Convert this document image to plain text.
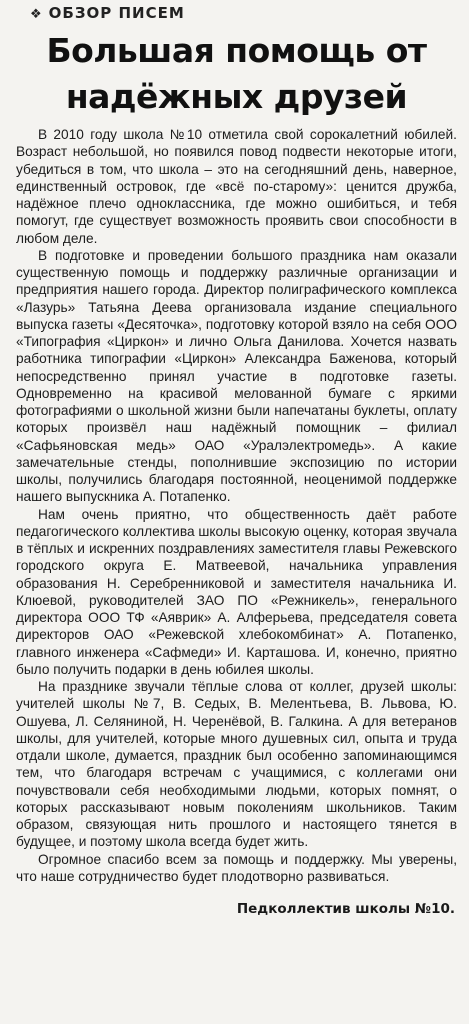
❖ ОБЗОР ПИСЕМ
Большая помощь от
надёжных друзей

В 2010 году школа №10 отметила свой сорокалетний юбилей. Возраст небольшой, но появился повод подвести некоторые итоги, убедиться в том, что школа – это на сегодняшний день, наверное, единственный островок, где «всё по-старому»: ценится дружба, надёжное плечо одноклассника, где можно ошибиться, и тебя помогут, где существует возможность проявить свои способности в любом деле.

В подготовке и проведении большого праздника нам оказали существенную помощь и поддержку различные организации и предприятия нашего города. Директор полиграфического комплекса «Лазурь» Татьяна Деева организовала издание специального выпуска газеты «Десяточка», подготовку которой взяло на себя ООО «Типография «Циркон» и лично Ольга Данилова. Хочется назвать работника типографии «Циркон» Александра Баженова, который непосредственно принял участие в подготовке газеты. Одновременно на красивой мелованной бумаге с яркими фотографиями о школьной жизни были напечатаны буклеты, оплату которых произвёл наш надёжный помощник – филиал «Сафьяновская медь» ОАО «Уралэлектромедь». А какие замечательные стенды, пополнившие экспозицию по истории школы, получились благодаря постоянной, неоценимой поддержке нашего выпускника А. Потапенко.

Нам очень приятно, что общественность даёт работе педагогического коллектива школы высокую оценку, которая звучала в тёплых и искренних поздравлениях заместителя главы Режевского городского округа Е. Матвеевой, начальника управления образования Н. Серебренниковой и заместителя начальника И. Клюевой, руководителей ЗАО ПО «Режникель», генерального директора ООО ТФ «Аяврик» А. Алферьева, председателя совета директоров ОАО «Режевской хлебокомбинат» А. Потапенко, главного инженера «Сафмеди» И. Карташова. И, конечно, приятно было получить подарки в день юбилея школы.

На празднике звучали тёплые слова от коллег, друзей школы: учителей школы №7, В. Седых, В. Мелентьева, В. Львова, Ю. Ошуева, Л. Селяниной, Н. Черенёвой, В. Галкина. А для ветеранов школы, для учителей, которые много душевных сил, опыта и труда отдали школе, думается, праздник был особенно запоминающимся тем, что благодаря встречам с учащимися, с коллегами они почувствовали себя необходимыми людьми, которых помнят, о которых рассказывают новым поколениям школьников. Таким образом, связующая нить прошлого и настоящего тянется в будущее, и поэтому школа всегда будет жить.

Огромное спасибо всем за помощь и поддержку. Мы уверены, что наше сотрудничество будет плодотворно развиваться.

Педколлектив школы №10.
